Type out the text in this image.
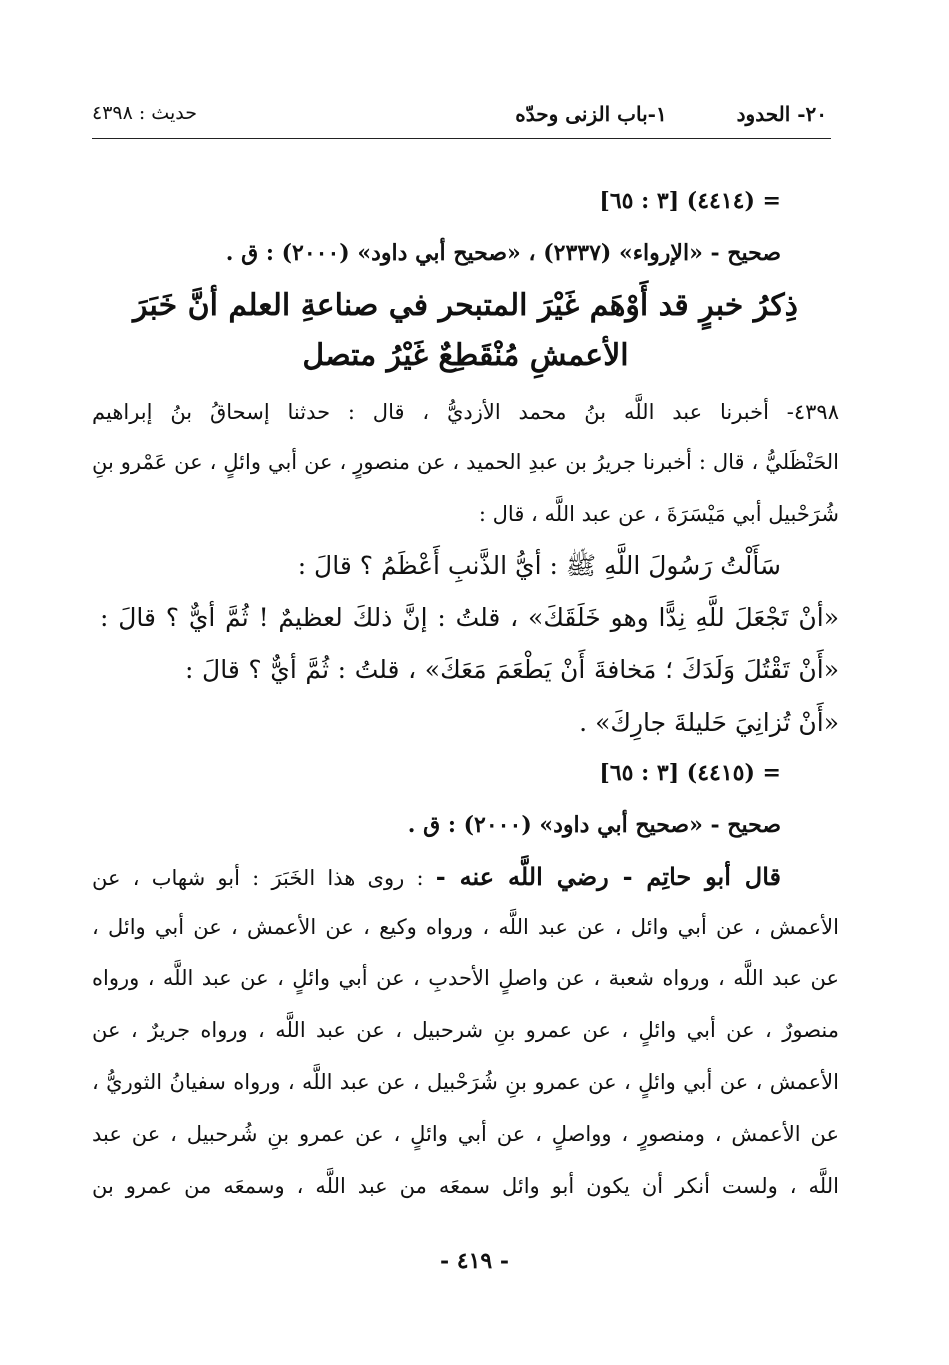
٢٠- الحدود  ١-باب الزنى وحدّه
حديث : ٤٣٩٨
= (٤٤١٤) [٣ : ٦٥]
صحيح - «الإرواء» (٢٣٣٧) ، «صحيح أبي داود» (٢٠٠٠) : ق .
ذِكرُ خبرٍ قد أَوْهَم غَيْرَ المتبحر في صناعةِ العلم أنَّ خَبَرَ
الأعمشِ مُنْقَطِعٌ غَيْرُ متصل
٤٣٩٨- أخبرنا عبد اللَّه بنُ محمد الأزديُّ ، قال : حدثنا إسحاقُ بنُ إبراهيم
الحَنْظَليُّ ، قال : أخبرنا جريرُ بن عبدِ الحميد ، عن منصورٍ ، عن أبي وائلٍ ، عن عَمْرو بنِ
شُرَحْبيل أبي مَيْسَرَةَ ، عن عبد اللَّه ، قال :
سَأَلْتُ رَسُولَ اللَّهِ ﷺ : أيُّ الذَّنبِ أَعْظَمُ ؟ قالَ :
«أنْ تَجْعَلَ للَّهِ نِدًّا وهو خَلَقَكَ» ، قلتُ : إنَّ ذلكَ لعظيمٌ ! ثُمَّ أيٌّ ؟ قالَ :
«أَنْ تَقْتُلَ وَلَدَكَ ؛ مَخافةَ أَنْ يَطْعَمَ مَعَكَ» ، قلتُ : ثُمَّ أيٌّ ؟ قالَ :
«أَنْ تُزانِيَ حَليلةَ جارِكَ» .
= (٤٤١٥) [٣ : ٦٥]
صحيح - «صحيح أبي داود» (٢٠٠٠) : ق .
قال أبو حاتِم - رضي اللَّه عنه - : روى هذا الخَبَرَ : أبو شهاب ، عن
الأعمش ، عن أبي وائل ، عن عبد اللَّه ، ورواه وكيع ، عن الأعمش ، عن أبي وائل ،
عن عبد اللَّه ، ورواه شعبة ، عن واصلٍ الأحدبِ ، عن أبي وائلٍ ، عن عبد اللَّه ، ورواه
منصورٌ ، عن أبي وائلٍ ، عن عمرو بنِ شرحبيل ، عن عبد اللَّه ، ورواه جريرٌ ، عن
الأعمش ، عن أبي وائلٍ ، عن عمرو بنِ شُرَحْبيل ، عن عبد اللَّه ، ورواه سفيانُ الثوريُّ ،
عن الأعمش ، ومنصورٍ ، وواصلٍ ، عن أبي وائلٍ ، عن عمرو بنِ شُرحبيل ، عن عبد
اللَّه ، ولست أنكر أن يكون أبو وائل سمعَه من عبد اللَّه ، وسمعَه من عمرو بن
- ٤١٩ -
